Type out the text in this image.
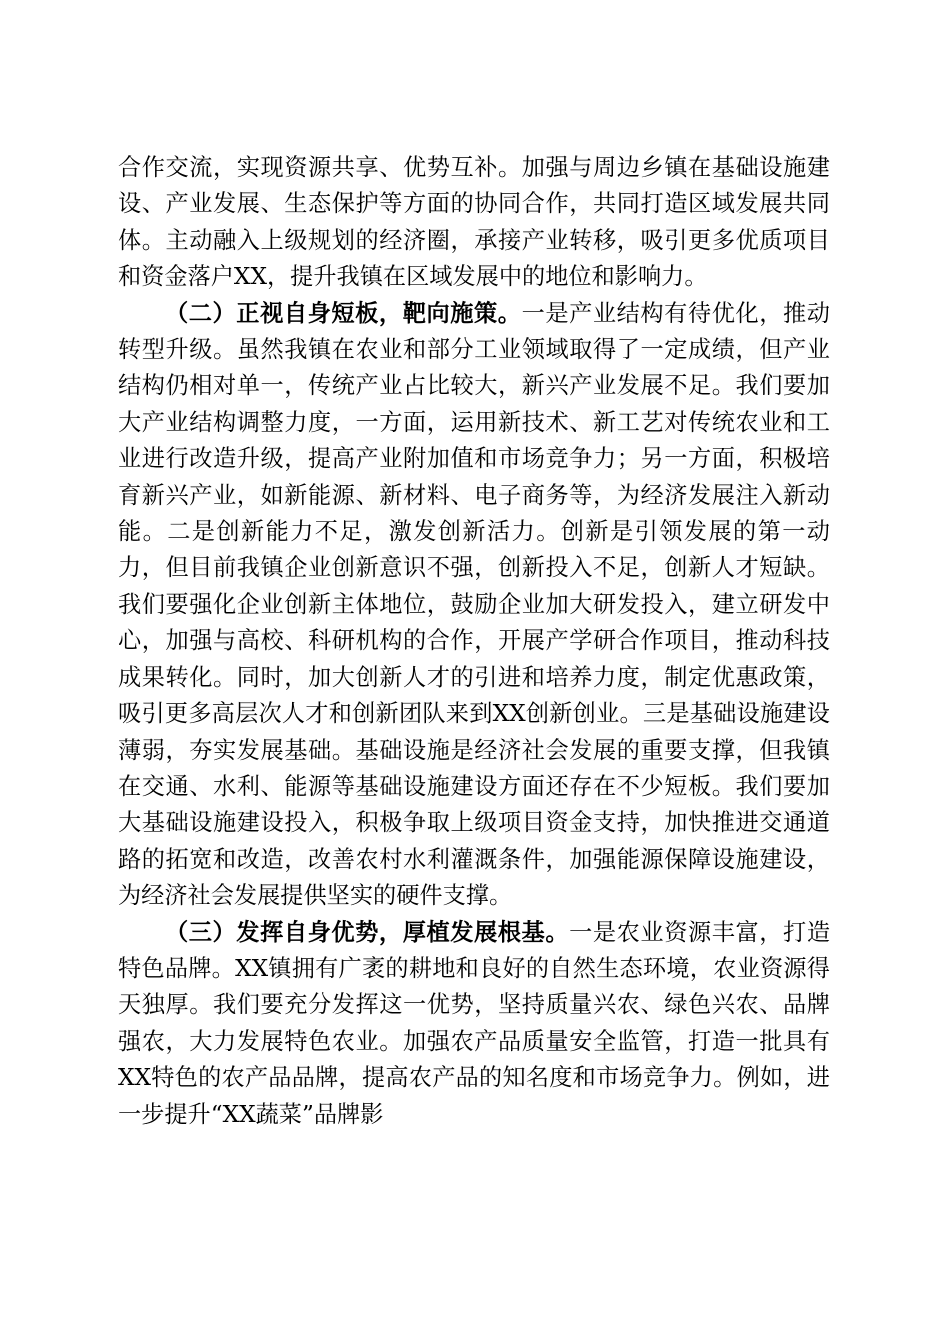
合作交流，实现资源共享、优势互补。加强与周边乡镇在基础设施建设、产业发展、生态保护等方面的协同合作，共同打造区域发展共同体。主动融入上级规划的经济圈，承接产业转移，吸引更多优质项目和资金落户XX，提升我镇在区域发展中的地位和影响力。

（二）正视自身短板，靶向施策。一是产业结构有待优化，推动转型升级。虽然我镇在农业和部分工业领域取得了一定成绩，但产业结构仍相对单一，传统产业占比较大，新兴产业发展不足。我们要加大产业结构调整力度，一方面，运用新技术、新工艺对传统农业和工业进行改造升级，提高产业附加值和市场竞争力；另一方面，积极培育新兴产业，如新能源、新材料、电子商务等，为经济发展注入新动能。二是创新能力不足，激发创新活力。创新是引领发展的第一动力，但目前我镇企业创新意识不强，创新投入不足，创新人才短缺。我们要强化企业创新主体地位，鼓励企业加大研发投入，建立研发中心，加强与高校、科研机构的合作，开展产学研合作项目，推动科技成果转化。同时，加大创新人才的引进和培养力度，制定优惠政策，吸引更多高层次人才和创新团队来到XX创新创业。三是基础设施建设薄弱，夯实发展基础。基础设施是经济社会发展的重要支撑，但我镇在交通、水利、能源等基础设施建设方面还存在不少短板。我们要加大基础设施建设投入，积极争取上级项目资金支持，加快推进交通道路的拓宽和改造，改善农村水利灌溉条件，加强能源保障设施建设，为经济社会发展提供坚实的硬件支撑。

（三）发挥自身优势，厚植发展根基。一是农业资源丰富，打造特色品牌。XX镇拥有广袤的耕地和良好的自然生态环境，农业资源得天独厚。我们要充分发挥这一优势，坚持质量兴农、绿色兴农、品牌强农，大力发展特色农业。加强农产品质量安全监管，打造一批具有XX特色的农产品品牌，提高农产品的知名度和市场竞争力。例如，进一步提升“XX蔬菜”品牌影
